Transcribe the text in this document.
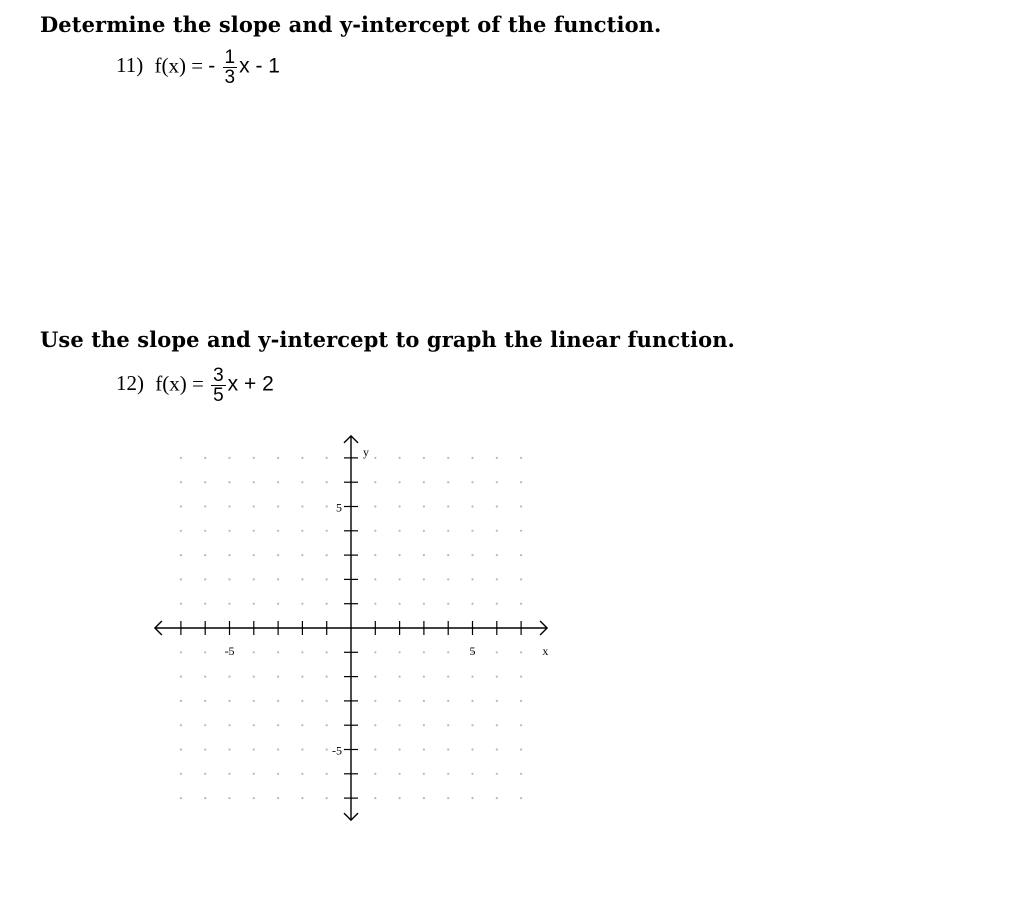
Determine the slope and y-intercept of the function.
11) f(x) = - $\frac{1}{3}$ x - 1
Use the slope and y-intercept to graph the linear function.
12) $f(x) = \frac{3}{5}$ x + 2
-5	5
5
-5
x
y
